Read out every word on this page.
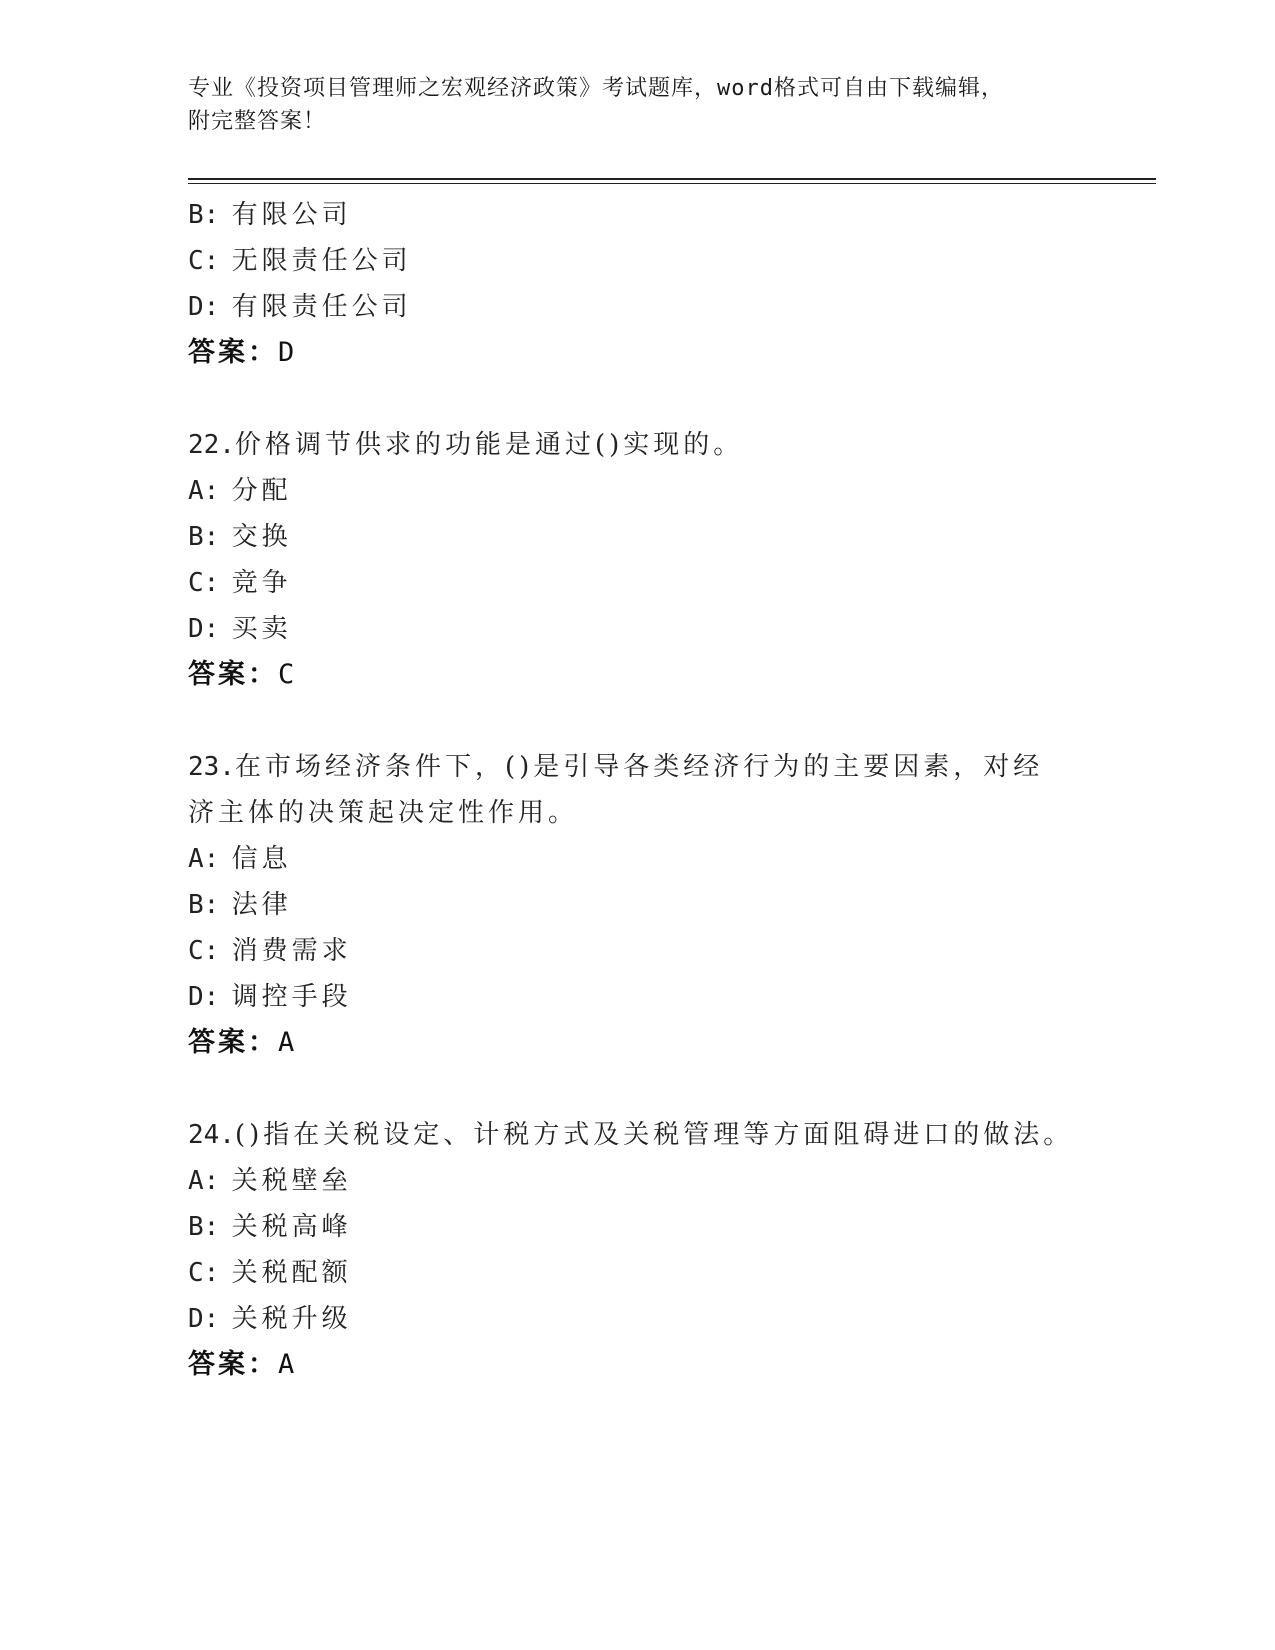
专业《投资项目管理师之宏观经济政策》考试题库，word格式可自由下载编辑，
附完整答案！
B: 有限公司
C: 无限责任公司
D: 有限责任公司
答案：D
22.价格调节供求的功能是通过()实现的。
A: 分配
B: 交换
C: 竞争
D: 买卖
答案：C
23.在市场经济条件下，()是引导各类经济行为的主要因素，对经济主体的决策起决定性作用。
A: 信息
B: 法律
C: 消费需求
D: 调控手段
答案：A
24.()指在关税设定、计税方式及关税管理等方面阻碍进口的做法。
A: 关税壁垒
B: 关税高峰
C: 关税配额
D: 关税升级
答案：A
